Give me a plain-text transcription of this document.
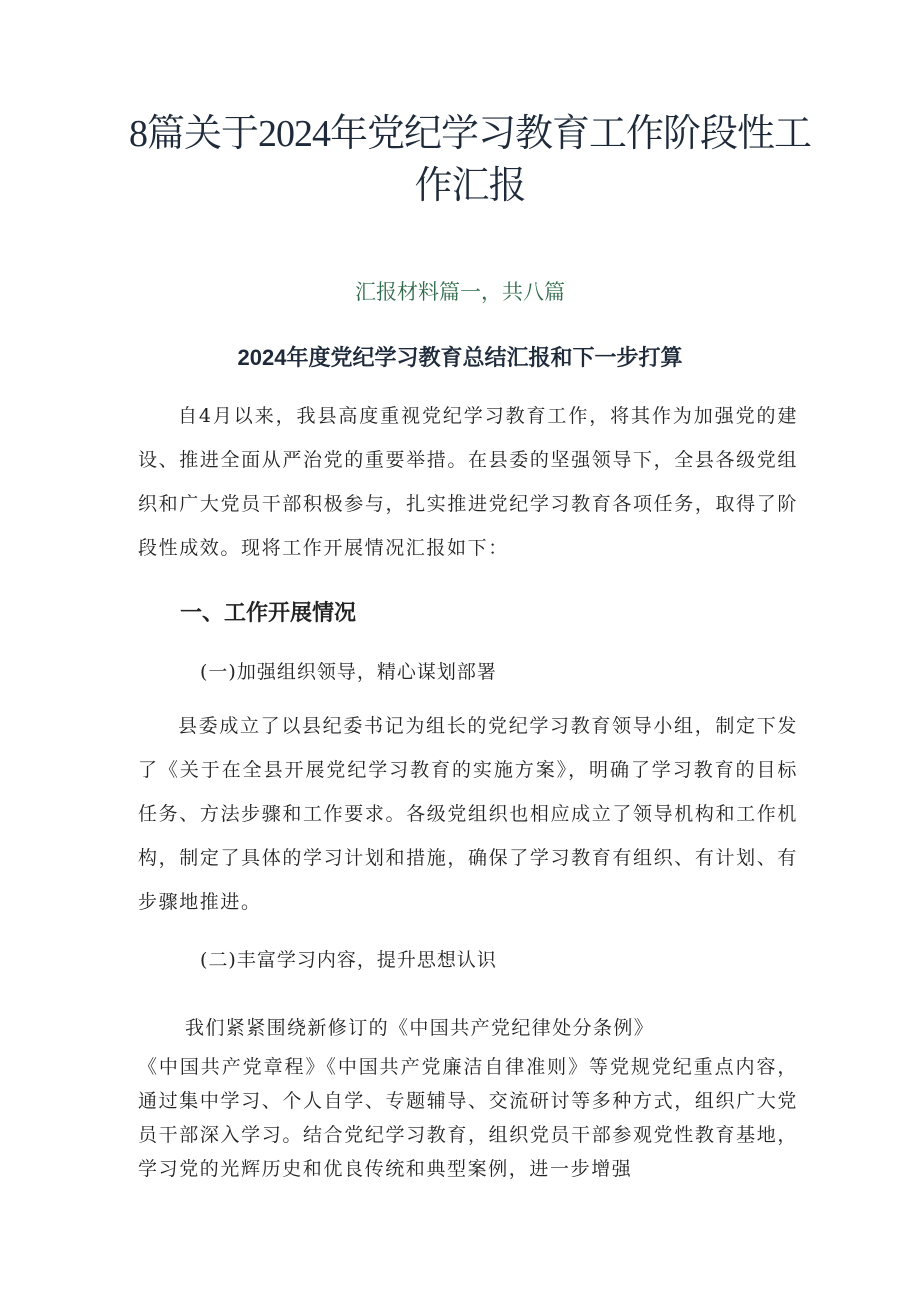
8篇关于2024年党纪学习教育工作阶段性工作汇报

汇报材料篇一，共八篇

2024年度党纪学习教育总结汇报和下一步打算

自4月以来，我县高度重视党纪学习教育工作，将其作为加强党的建设、推进全面从严治党的重要举措。在县委的坚强领导下，全县各级党组织和广大党员干部积极参与，扎实推进党纪学习教育各项任务，取得了阶段性成效。现将工作开展情况汇报如下：

一、工作开展情况

(一)加强组织领导，精心谋划部署

县委成立了以县纪委书记为组长的党纪学习教育领导小组，制定下发了《关于在全县开展党纪学习教育的实施方案》，明确了学习教育的目标任务、方法步骤和工作要求。各级党组织也相应成立了领导机构和工作机构，制定了具体的学习计划和措施，确保了学习教育有组织、有计划、有步骤地推进。

(二)丰富学习内容，提升思想认识

我们紧紧围绕新修订的《中国共产党纪律处分条例》

《中国共产党章程》《中国共产党廉洁自律准则》等党规党纪重点内容，通过集中学习、个人自学、专题辅导、交流研讨等多种方式，组织广大党员干部深入学习。结合党纪学习教育，组织党员干部参观党性教育基地，学习党的光辉历史和优良传统和典型案例，进一步增强
